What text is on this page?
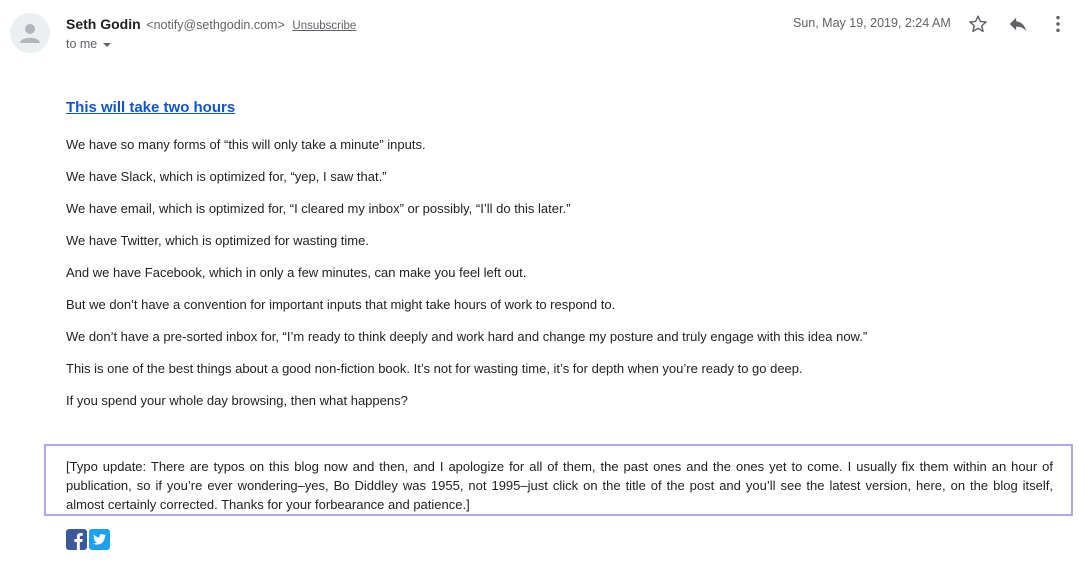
Seth Godin <notify@sethgodin.com> Unsubscribe
to me
Sun, May 19, 2019, 2:24 AM
This will take two hours
We have so many forms of “this will only take a minute” inputs.
We have Slack, which is optimized for, “yep, I saw that.”
We have email, which is optimized for, “I cleared my inbox” or possibly, “I’ll do this later.”
We have Twitter, which is optimized for wasting time.
And we have Facebook, which in only a few minutes, can make you feel left out.
But we don’t have a convention for important inputs that might take hours of work to respond to.
We don’t have a pre-sorted inbox for, “I’m ready to think deeply and work hard and change my posture and truly engage with this idea now.”
This is one of the best things about a good non-fiction book. It’s not for wasting time, it’s for depth when you’re ready to go deep.
If you spend your whole day browsing, then what happens?
[Typo update: There are typos on this blog now and then, and I apologize for all of them, the past ones and the ones yet to come. I usually fix them within an hour of publication, so if you’re ever wondering–yes, Bo Diddley was 1955, not 1995–just click on the title of the post and you’ll see the latest version, here, on the blog itself, almost certainly corrected. Thanks for your forbearance and patience.]
